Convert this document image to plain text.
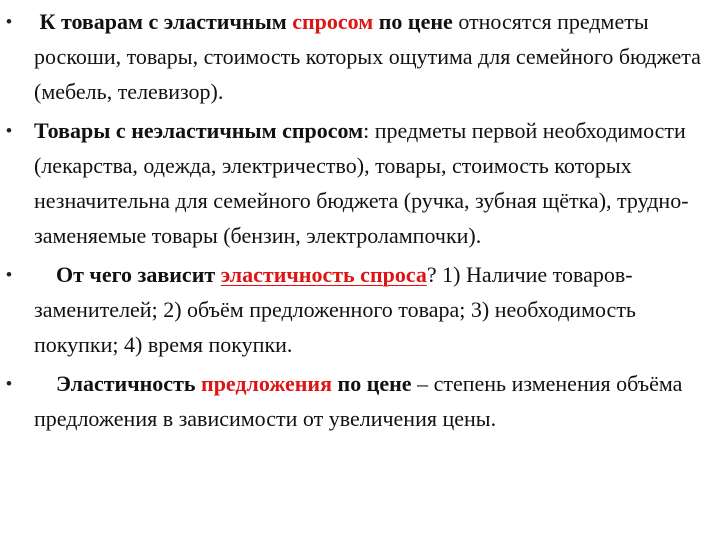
• К товарам с эластичным спросом по цене относятся предметы роскоши, товары, стоимость которых ощутима для семейного бюджета (мебель, телевизор).
• Товары с неэластичным спросом: предметы первой необходимости (лекарства, одежда, электричество), товары, стоимость которых незначительна для семейного бюджета (ручка, зубная щётка), труднозаменяемые товары (бензин, электролампочки).
• От чего зависит эластичность спроса? 1) Наличие товаров-заменителей; 2) объём предложенного товара; 3) необходимость покупки; 4) время покупки.
• Эластичность предложения по цене – степень изменения объёма предложения в зависимости от увеличения цены.
